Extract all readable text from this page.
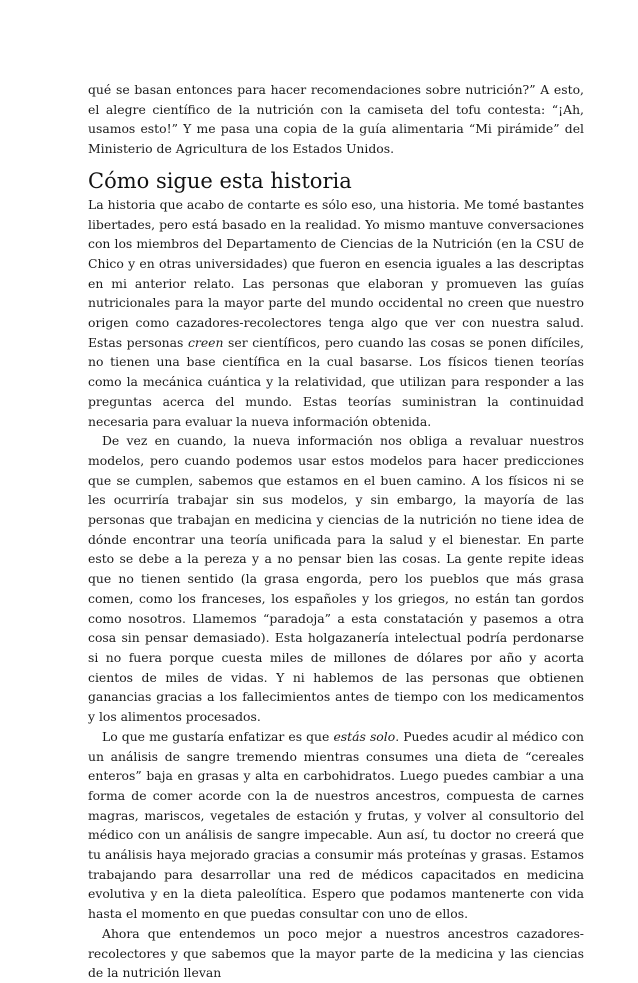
qué se basan entonces para hacer recomendaciones sobre nutrición?” A esto, el alegre científico de la nutrición con la camiseta del tofu contesta: “¡Ah, usamos esto!” Y me pasa una copia de la guía alimentaria “Mi pirámide” del Ministerio de Agricultura de los Estados Unidos.

Cómo sigue esta historia

La historia que acabo de contarte es sólo eso, una historia. Me tomé bastantes libertades, pero está basado en la realidad. Yo mismo mantuve conversaciones con los miembros del Departamento de Ciencias de la Nutrición (en la CSU de Chico y en otras universidades) que fueron en esencia iguales a las descriptas en mi anterior relato. Las personas que elaboran y promueven las guías nutricionales para la mayor parte del mundo occidental no creen que nuestro origen como cazadores-recolectores tenga algo que ver con nuestra salud. Estas personas creen ser científicos, pero cuando las cosas se ponen difíciles, no tienen una base científica en la cual basarse. Los físicos tienen teorías como la mecánica cuántica y la relatividad, que utilizan para responder a las preguntas acerca del mundo. Estas teorías suministran la continuidad necesaria para evaluar la nueva información obtenida.

De vez en cuando, la nueva información nos obliga a revaluar nuestros modelos, pero cuando podemos usar estos modelos para hacer predicciones que se cumplen, sabemos que estamos en el buen camino. A los físicos ni se les ocurriría trabajar sin sus modelos, y sin embargo, la mayoría de las personas que trabajan en medicina y ciencias de la nutrición no tiene idea de dónde encontrar una teoría unificada para la salud y el bienestar. En parte esto se debe a la pereza y a no pensar bien las cosas. La gente repite ideas que no tienen sentido (la grasa engorda, pero los pueblos que más grasa comen, como los franceses, los españoles y los griegos, no están tan gordos como nosotros. Llamemos “paradoja” a esta constatación y pasemos a otra cosa sin pensar demasiado). Esta holgazanería intelectual podría perdonarse si no fuera porque cuesta miles de millones de dólares por año y acorta cientos de miles de vidas. Y ni hablemos de las personas que obtienen ganancias gracias a los fallecimientos antes de tiempo con los medicamentos y los alimentos procesados.

Lo que me gustaría enfatizar es que estás solo. Puedes acudir al médico con un análisis de sangre tremendo mientras consumes una dieta de “cereales enteros” baja en grasas y alta en carbohidratos. Luego puedes cambiar a una forma de comer acorde con la de nuestros ancestros, compuesta de carnes magras, mariscos, vegetales de estación y frutas, y volver al consultorio del médico con un análisis de sangre impecable. Aun así, tu doctor no creerá que tu análisis haya mejorado gracias a consumir más proteínas y grasas. Estamos trabajando para desarrollar una red de médicos capacitados en medicina evolutiva y en la dieta paleolítica. Espero que podamos mantenerte con vida hasta el momento en que puedas consultar con uno de ellos.

Ahora que entendemos un poco mejor a nuestros ancestros cazadores-recolectores y que sabemos que la mayor parte de la medicina y las ciencias de la nutrición llevan
